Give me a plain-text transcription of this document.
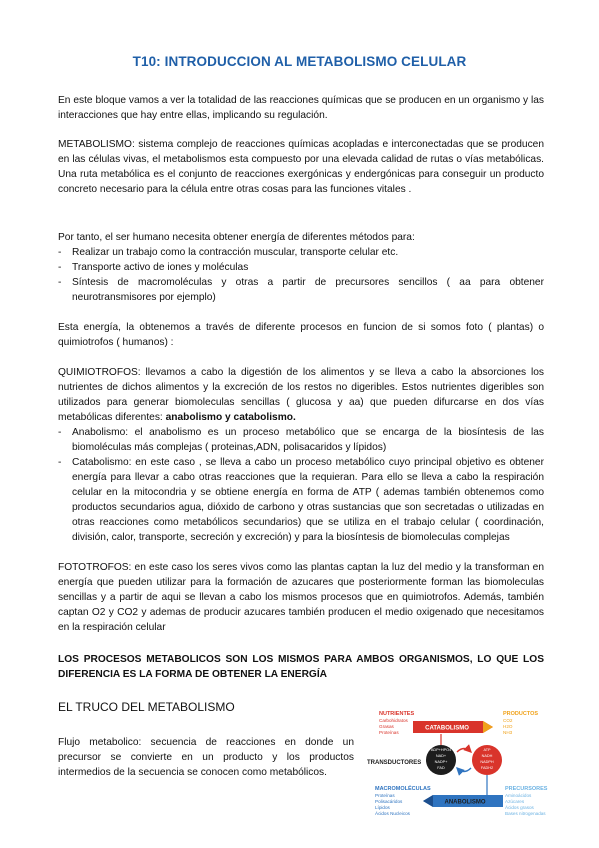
T10: INTRODUCCION AL METABOLISMO CELULAR

En este bloque vamos a ver la totalidad de las reacciones químicas que se producen en un organismo y las interacciones que hay entre ellas, implicando su regulación.

METABOLISMO: sistema complejo de reacciones químicas acopladas e interconectadas que se producen en las células vivas, el metabolismos esta compuesto por una elevada calidad de rutas o vías metabólicas. Una ruta metabólica es el conjunto de reacciones exergónicas y endergónicas para conseguir un producto concreto necesario para la célula entre otras cosas para las funciones vitales .

Por tanto, el ser humano necesita obtener energía de diferentes métodos para:

- Realizar un trabajo como la contracción muscular, transporte celular etc.
- Transporte activo de iones y moléculas
- Síntesis de macromoléculas y otras a partir de precursores sencillos ( aa para obtener neurotransmisores por ejemplo)

Esta energía, la obtenemos a través de diferente procesos en funcion de si somos foto ( plantas) o quimiotrofos ( humanos) :

QUIMIOTROFOS: llevamos a cabo la digestión de los alimentos y se lleva a cabo la absorciones los nutrientes de dichos alimentos y la excreción de los restos no digeribles. Estos nutrientes digeribles son utilizados para generar biomoleculas sencillas ( glucosa y aa) que pueden difurcarse en dos vías metabólicas diferentes: anabolismo y catabolismo.

- Anabolismo: el anabolismo es un proceso metabólico que se encarga de la biosíntesis de las biomoléculas más complejas ( proteinas,ADN, polisacaridos y lípidos)
- Catabolismo: en este caso , se lleva a cabo un proceso metabólico cuyo principal objetivo es obtener energía para llevar a cabo otras reacciones que la requieran. Para ello se lleva a cabo la respiración celular en la mitocondria y se obtiene energía en forma de ATP ( ademas también obtenemos como productos secundarios agua, dióxido de carbono y otras sustancias que son secretadas o utilizadas en otras reacciones como metabólicos secundarios) que se utiliza en el trabajo celular ( coordinación, división, calor, transporte, secreción y excreción) y para la biosíntesis de biomoleculas complejas

FOTOTROFOS: en este caso los seres vivos como las plantas captan la luz del medio y la transforman en energía que pueden utilizar para la formación de azucares que posteriormente forman las biomoleculas sencillas y a partir de aqui se llevan a cabo los mismos procesos que en quimiotrofos. Además, también captan O2 y CO2 y ademas de producir azucares también producen el medio oxigenado que necesitamos en la respiración celular

LOS PROCESOS METABOLICOS SON LOS MISMOS PARA AMBOS ORGANISMOS, LO QUE LOS DIFERENCIA ES LA FORMA DE OBTENER LA ENERGÍA

EL TRUCO DEL METABOLISMO

Flujo metabolico: secuencia de reacciones en donde un precursor se convierte en un producto y los productos intermedios de la secuencia se conocen como metabólicos.

NUTRIENTES
Carbohidratos
Grasas
Proteínas
PRODUCTOS
CO2
H2O
NH3
CATABOLISMO
TRANSDUCTORES
ADP+HPO4
NAD+
NADP+
FAD
ATP
NADH
NADPH
FADH2
MACROMOLÉCULAS
Proteínas
Polisacáridos
Lípidos
Ácidos Nucleicos
PRECURSORES
Aminoácidos
Azúcares
Ácidos grasos
Bases nitrogenadas
ANABOLISMO
